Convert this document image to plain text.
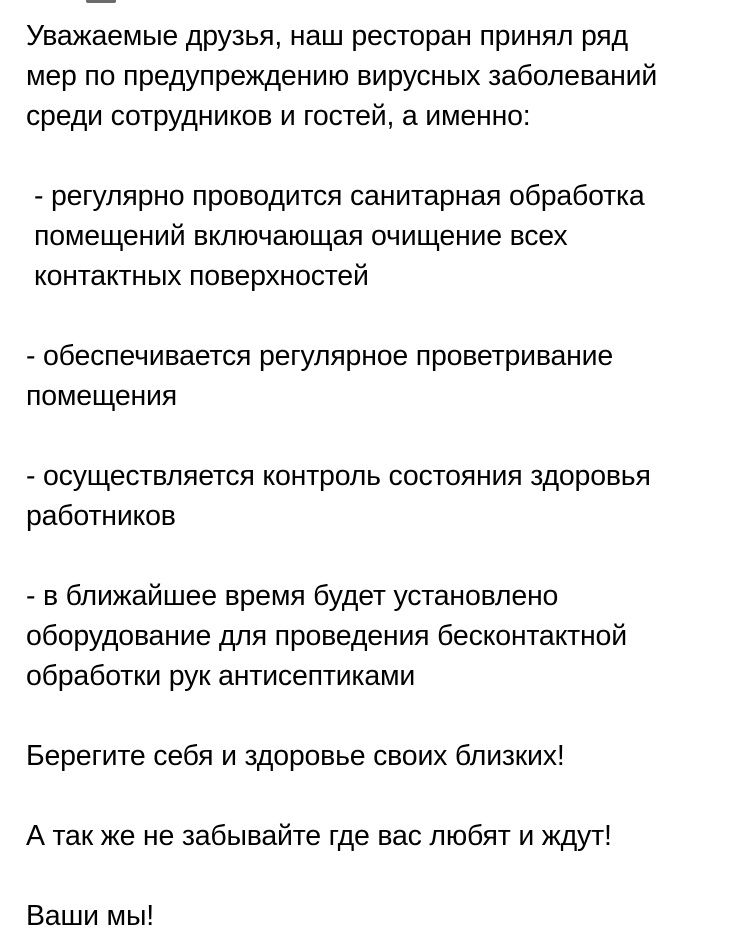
Уважаемые друзья, наш ресторан принял ряд
мер по предупреждению вирусных заболеваний
среди сотрудников и гостей, а именно:

- регулярно проводится санитарная обработка
помещений включающая очищение всех
контактных поверхностей

- обеспечивается регулярное проветривание
помещения

- осуществляется контроль состояния здоровья
работников

- в ближайшее время будет установлено
оборудование для проведения бесконтактной
обработки рук антисептиками

Берегите себя и здоровье своих близких!

А так же не забывайте где вас любят и ждут!

Ваши мы!
